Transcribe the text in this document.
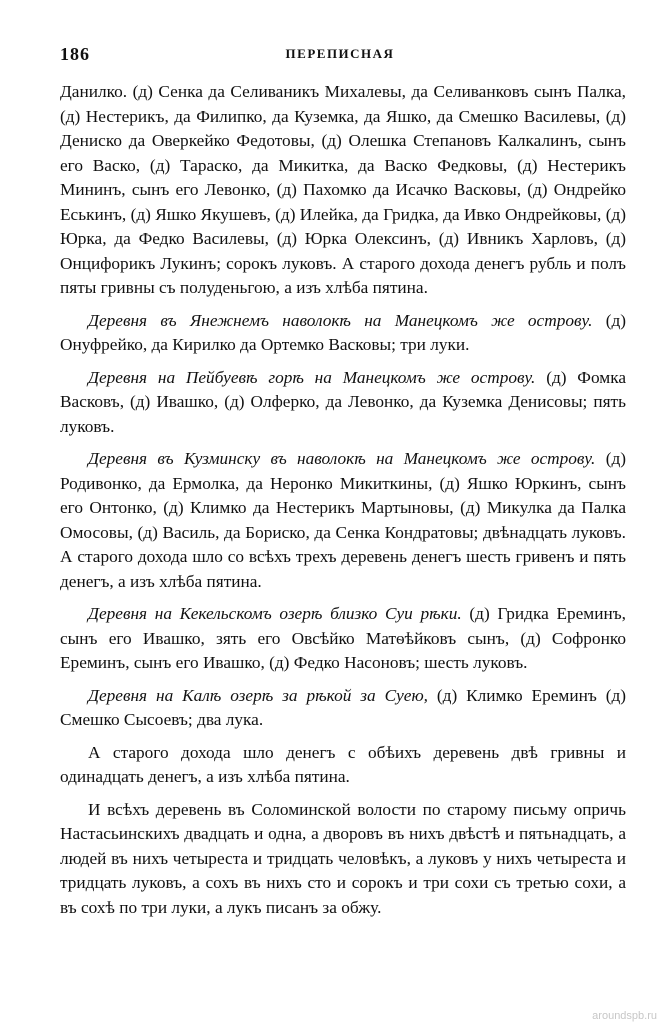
186	ПЕРЕПИСНАЯ

Данилко. (д) Сенка да Селиваникъ Михалевы, да Селиванковъ сынъ Палка, (д) Нестерикъ, да Филипко, да Куземка, да Яшко, да Смешко Василевы, (д) Дениско да Оверкейко Федотовы, (д) Олешка Степановъ Калкалинъ, сынъ его Васко, (д) Тараско, да Микитка, да Васко Федковы, (д) Нестерикъ Мининъ, сынъ его Левонко, (д) Пахомко да Исачко Васковы, (д) Ондрейко Еськинъ, (д) Яшко Якушевъ, (д) Илейка, да Гридка, да Ивко Ондрейковы, (д) Юрка, да Федко Василевы, (д) Юрка Олексинъ, (д) Ивникъ Харловъ, (д) Онцифорикъ Лукинъ; сорокъ луковъ. А старого дохода денегъ рубль и полъ пяты гривны съ полуденьгою, а изъ хлѣба пятина.

Деревня въ Янежнемъ наволокѣ на Манецкомъ же острову. (д) Онуфрейко, да Кирилко да Ортемко Васковы; три луки.

Деревня на Пейбуевѣ горѣ на Манецкомъ же острову. (д) Фомка Васковъ, (д) Ивашко, (д) Олферко, да Левонко, да Куземка Денисовы; пять луковъ.

Деревня въ Кузминску въ наволокѣ на Манецкомъ же острову. (д) Родивонко, да Ермолка, да Неронко Микиткины, (д) Яшко Юркинъ, сынъ его Онтонко, (д) Климко да Нестерикъ Мартыновы, (д) Микулка да Палка Омосовы, (д) Василь, да Бориско, да Сенка Кондратовы; двѣнадцать луковъ. А старого дохода шло со всѣхъ трехъ деревень денегъ шесть гривенъ и пять денегъ, а изъ хлѣба пятина.

Деревня на Кекельскомъ озерѣ близко Суи рѣки. (д) Гридка Ереминъ, сынъ его Ивашко, зять его Овсѣйко Матѳѣйковъ сынъ, (д) Софронко Ереминъ, сынъ его Ивашко, (д) Федко Насоновъ; шесть луковъ.

Деревня на Калѣ озерѣ за рѣкой за Суею, (д) Климко Ереминъ (д) Смешко Сысоевъ; два лука.

А старого дохода шло денегъ с обѣихъ деревень двѣ гривны и одинадцать денегъ, а изъ хлѣба пятина.

И всѣхъ деревень въ Соломинской волости по старому письму опричь Настасьинскихъ двадцать и одна, а дворовъ въ нихъ двѣстѣ и пятьнадцать, а людей въ нихъ четыреста и тридцать человѣкъ, а луковъ у нихъ четыреста и тридцать луковъ, а сохъ въ нихъ сто и сорокъ и три сохи съ третью сохи, а въ сохѣ по три луки, а лукъ писанъ за обжу.

aroundspb.ru
